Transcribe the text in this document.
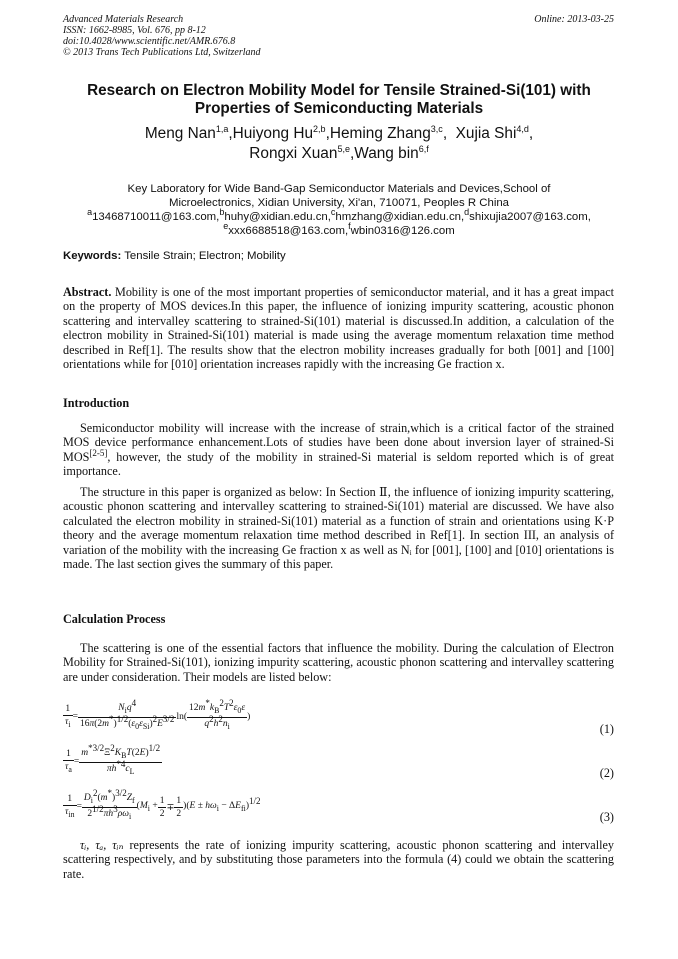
Advanced Materials Research
ISSN: 1662-8985, Vol. 676, pp 8-12
doi:10.4028/www.scientific.net/AMR.676.8
© 2013 Trans Tech Publications Ltd, Switzerland
Online: 2013-03-25
Research on Electron Mobility Model for Tensile Strained-Si(101) with Properties of Semiconducting Materials
Meng Nan$^{1,a}$,Huiyong Hu$^{2,b}$,Heming Zhang$^{3,c}$,  Xujia Shi$^{4,d}$,
Rongxi Xuan$^{5,e}$,Wang bin$^{6,f}$
Key Laboratory for Wide Band-Gap Semiconductor Materials and Devices,School of
Microelectronics, Xidian University, Xi'an, 710071, Peoples R China
$^a$13468710011@163.com,$^b$huhy@xidian.edu.cn,$^c$hmzhang@xidian.edu.cn,$^d$shixujia2007@163.com,
$^e$xxx6688518@163.com,$^f$wbin0316@126.com
Keywords: Tensile Strain; Electron; Mobility
Abstract. Mobility is one of the most important properties of semiconductor material, and it has a great impact on the property of MOS devices.In this paper, the influence of ionizing impurity scattering, acoustic phonon scattering and intervalley scattering to strained-Si(101) material is discussed.In addition, a calculation of the electron mobility in Strained-Si(101) material is made using the average momentum relaxation time method described in Ref[1]. The results show that the electron mobility increases gradually for both [001] and [100] orientations while for [010] orientation increases rapidly with the increasing Ge fraction x.
Introduction
Semiconductor mobility will increase with the increase of strain,which is a critical factor of the strained MOS device performance enhancement.Lots of studies have been done about inversion layer of strained-Si MOS[2-5], however, the study of the mobility in strained-Si material is seldom reported which is of great importance.
The structure in this paper is organized as below: In Section Ⅱ, the influence of ionizing impurity scattering, acoustic phonon scattering and intervalley scattering to strained-Si(101) material are discussed. We have also calculated the electron mobility in strained-Si(101) material as a function of strain and orientations using K·P theory and the average momentum relaxation time method described in Ref[1]. In section III, an analysis of variation of the mobility with the increasing Ge fraction x as well as Nᵢ for [001], [100] and [010] orientations is made. The last section gives the summary of this paper.
Calculation Process
The scattering is one of the essential factors that influence the mobility. During the calculation of Electron Mobility for Strained-Si(101), ionizing impurity scattering, acoustic phonon scattering and intervalley scattering are under consideration. Their models are listed below:
$\frac{1}{\tau_i} = \frac{N_iq^4}{16\pi(2m^*)^{1/2}(\varepsilon_0\varepsilon_{Si})^2E^{3/2}} \ln( \frac{12m^*k_B^2T^2\varepsilon_0\varepsilon}{q^2h^2n_i}$ )
(1)
$\frac{1}{\tau_a} = \frac{m^{*3/2}\Xi^2K_BT(2E)^{1/2}}{\pi h^{*4}c_L}$	(2)
$\frac{1}{\tau_{in}} = \frac{D_i^2(m^*)^{3/2}Z_f}{2^{1/2}\pi h^3\rho\omega_i} (M_i + \frac{1}{2} \mp \frac{1}{2} )(E \pm h\omega_i - \Delta E_{fi})^{1/2}$
(3)
τᵢ, τₐ, τᵢₙ represents the rate of ionizing impurity scattering, acoustic phonon scattering and intervalley scattering respectively, and by substituting those parameters into the formula (4) could we obtain the scattering rate.
